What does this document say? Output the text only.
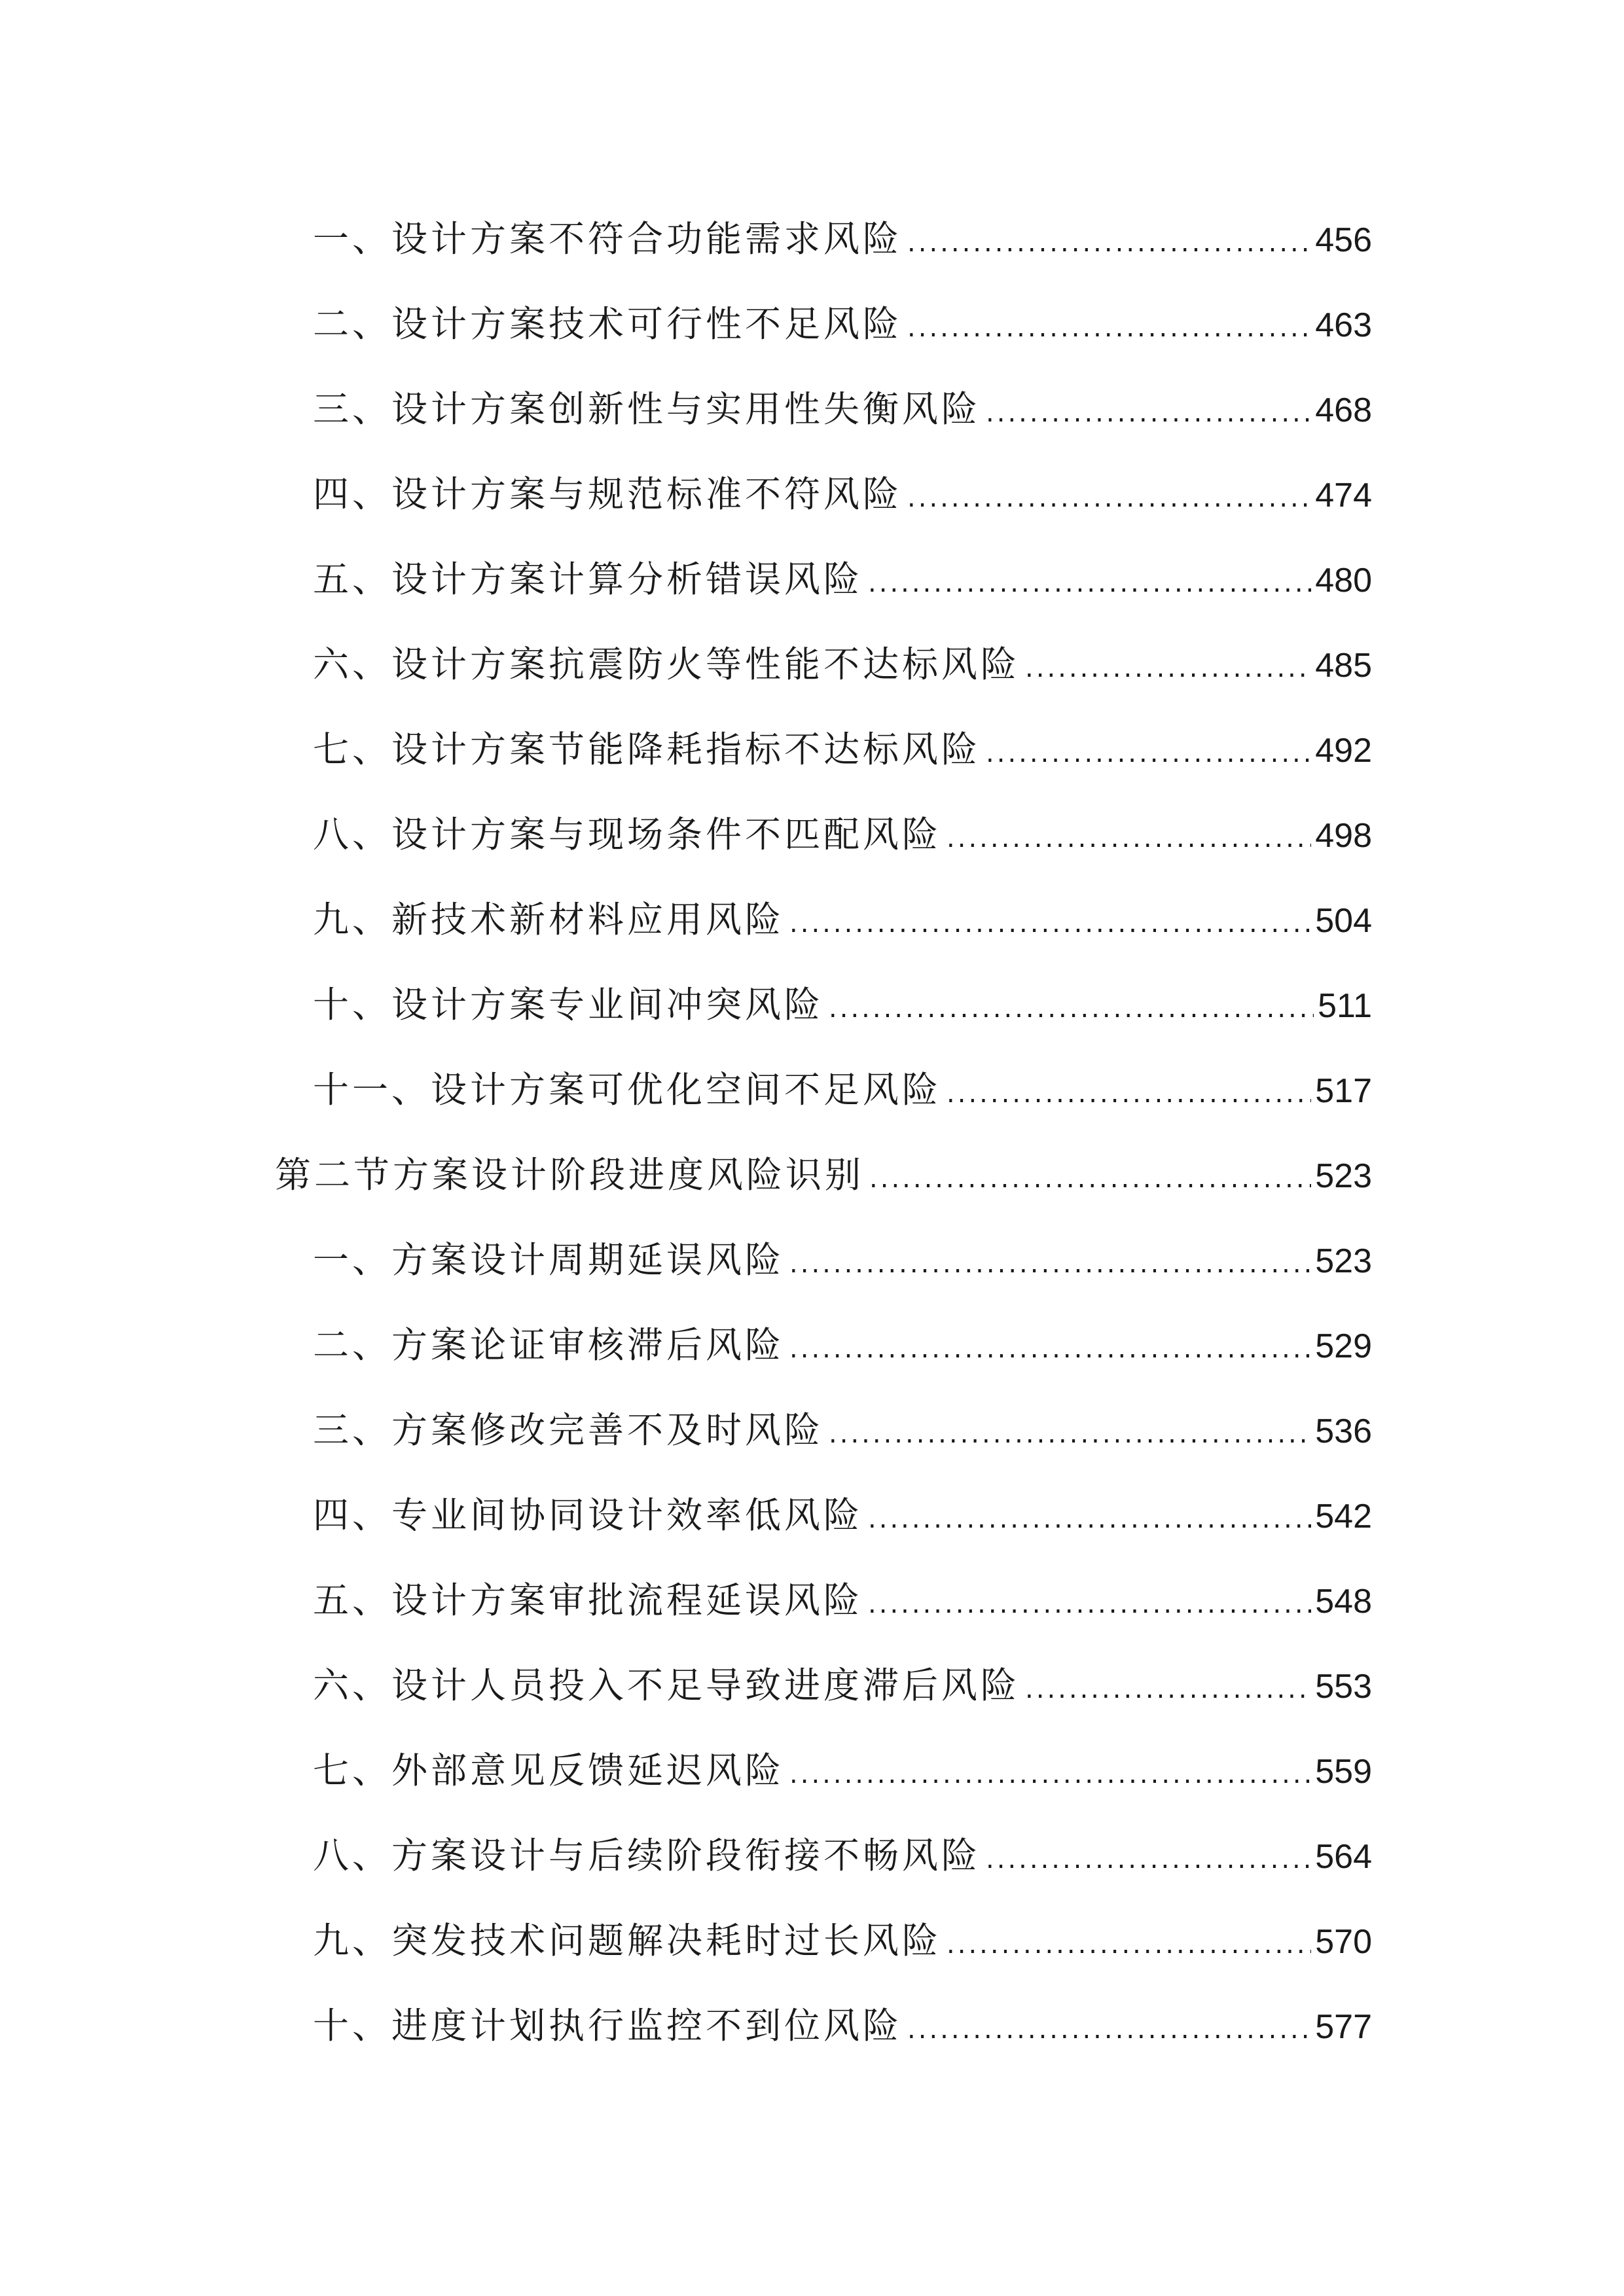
一、设计方案不符合功能需求风险 .....	456
二、设计方案技术可行性不足风险 .....	463
三、设计方案创新性与实用性失衡风险 .....	468
四、设计方案与规范标准不符风险 .....	474
五、设计方案计算分析错误风险 .....	480
六、设计方案抗震防火等性能不达标风险 .....	485
七、设计方案节能降耗指标不达标风险 .....	492
八、设计方案与现场条件不匹配风险 .....	498
九、新技术新材料应用风险 .....	504
十、设计方案专业间冲突风险 .....	511
十一、设计方案可优化空间不足风险 .....	517
第二节方案设计阶段进度风险识别 .....	523
一、方案设计周期延误风险 .....	523
二、方案论证审核滞后风险 .....	529
三、方案修改完善不及时风险 .....	536
四、专业间协同设计效率低风险 .....	542
五、设计方案审批流程延误风险 .....	548
六、设计人员投入不足导致进度滞后风险 .....	553
七、外部意见反馈延迟风险 .....	559
八、方案设计与后续阶段衔接不畅风险 .....	564
九、突发技术问题解决耗时过长风险 .....	570
十、进度计划执行监控不到位风险 .....	577
